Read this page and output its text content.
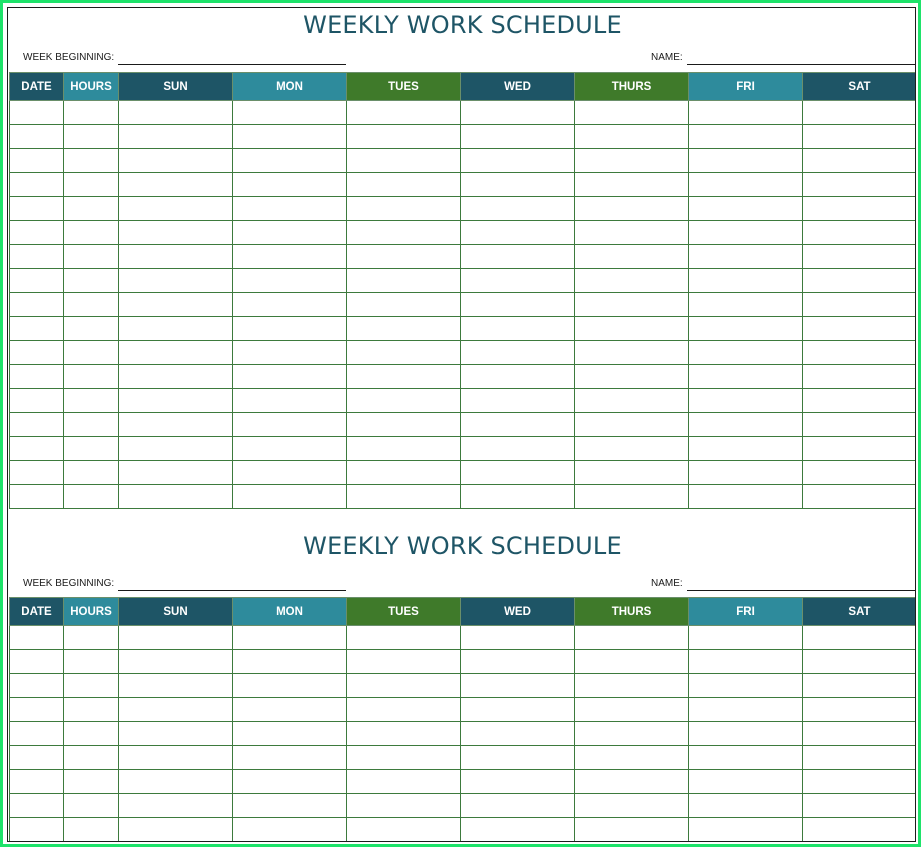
WEEKLY WORK SCHEDULE
WEEK BEGINNING:	NAME:
DATE	HOURS	SUN	MON	TUES	WED	THURS	FRI	SAT

WEEKLY WORK SCHEDULE
WEEK BEGINNING:	NAME:
DATE	HOURS	SUN	MON	TUES	WED	THURS	FRI	SAT
